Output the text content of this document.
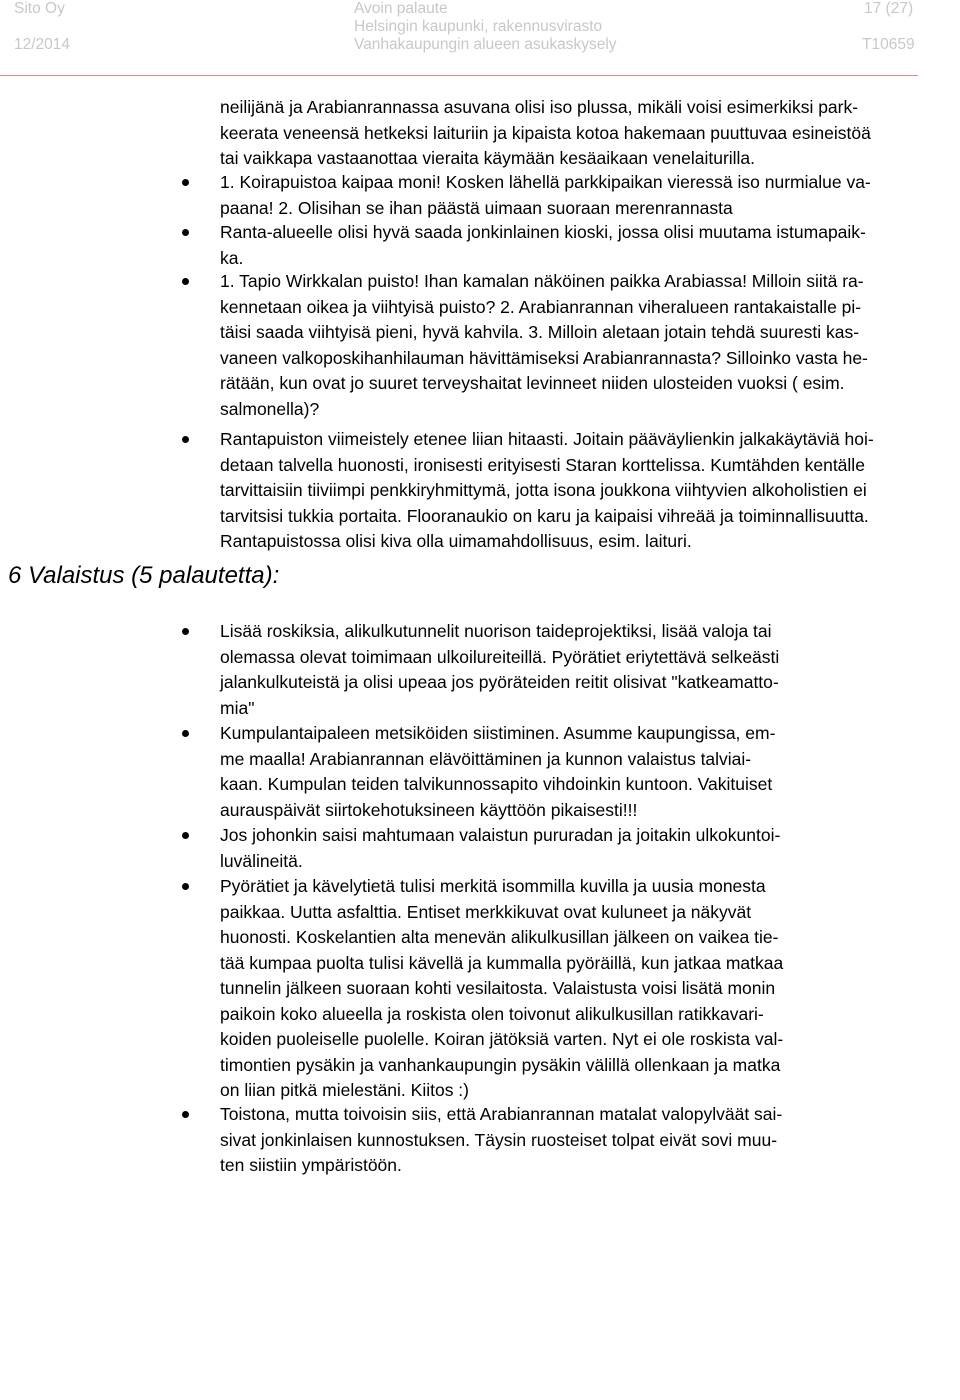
Sito Oy
12/2014
Avoin palaute
Helsingin kaupunki, rakennusvirasto
Vanhakaupungin alueen asukaskysely
17 (27)
T10659

neilijänä ja Arabianrannassa asuvana olisi iso plussa, mikäli voisi esimerkiksi park-

keerata veneensä hetkeksi laituriin ja kipaista kotoa hakemaan puuttuvaa esineistöä

tai vaikkapa vastaanottaa vieraita käymään kesäaikaan venelaiturilla.

1. Koirapuistoa kaipaa moni! Kosken lähellä parkkipaikan vieressä iso nurmialue va-

paana! 2. Olisihan se ihan päästä uimaan suoraan merenrannasta

Ranta-alueelle olisi hyvä saada jonkinlainen kioski, jossa olisi muutama istumapaik-

ka.

1. Tapio Wirkkalan puisto! Ihan kamalan näköinen paikka Arabiassa! Milloin siitä ra-

kennetaan oikea ja viihtyisä puisto? 2. Arabianrannan viheralueen rantakaistalle pi-

täisi saada viihtyisä pieni, hyvä kahvila. 3. Milloin aletaan jotain tehdä suuresti kas-

vaneen valkoposkihanhilauman hävittämiseksi Arabianrannasta? Silloinko vasta he-

rätään, kun ovat jo suuret terveyshaitat levinneet niiden ulosteiden vuoksi ( esim.

salmonella)?

Rantapuiston viimeistely etenee liian hitaasti. Joitain pääväylienkin jalkakäytäviä hoi-

detaan talvella huonosti, ironisesti erityisesti Staran korttelissa. Kumtähden kentälle

tarvittaisiin tiiviimpi penkkiryhmittymä, jotta isona joukkona viihtyvien alkoholistien ei

tarvitsisi tukkia portaita. Flooranaukio on karu ja kaipaisi vihreää ja toiminnallisuutta.

Rantapuistossa olisi kiva olla uimamahdollisuus, esim. laituri.

6 Valaistus (5 palautetta):

Lisää roskiksia, alikulkutunnelit nuorison taideprojektiksi, lisää valoja tai

olemassa olevat toimimaan ulkoilureiteillä. Pyörätiet eriytettävä selkeästi

jalankulkuteistä ja olisi upeaa jos pyöräteiden reitit olisivat "katkeamatto-

mia"

Kumpulantaipaleen metsiköiden siistiminen. Asumme kaupungissa, em-

me maalla! Arabianrannan elävöittäminen ja kunnon valaistus talviai-

kaan. Kumpulan teiden talvikunnossapito vihdoinkin kuntoon. Vakituiset

aurauspäivät siirtokehotuksineen käyttöön pikaisesti!!!

Jos johonkin saisi mahtumaan valaistun pururadan ja joitakin ulkokuntoi-

luvälineitä.

Pyörätiet ja kävelytietä tulisi merkitä isommilla kuvilla ja uusia monesta

paikkaa. Uutta asfalttia. Entiset merkkikuvat ovat kuluneet ja näkyvät

huonosti. Koskelantien alta menevän alikulkusillan jälkeen on vaikea tie-

tää kumpaa puolta tulisi kävellä ja kummalla pyöräillä, kun jatkaa matkaa

tunnelin jälkeen suoraan kohti vesilaitosta. Valaistusta voisi lisätä monin

paikoin koko alueella ja roskista olen toivonut alikulkusillan ratikkavari-

koiden puoleiselle puolelle. Koiran jätöksiä varten. Nyt ei ole roskista val-

timontien pysäkin ja vanhankaupungin pysäkin välillä ollenkaan ja matka

on liian pitkä mielestäni. Kiitos :)

Toistona, mutta toivoisin siis, että Arabianrannan matalat valopylväät sai-

sivat jonkinlaisen kunnostuksen. Täysin ruosteiset tolpat eivät sovi muu-

ten siistiin ympäristöön.
